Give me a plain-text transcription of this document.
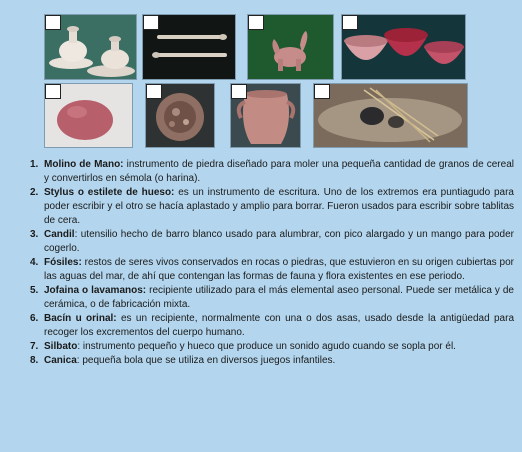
1. Molino de Mano: instrumento de piedra diseñado para moler una pequeña cantidad de granos de cereal y convertirlos en sémola (o harina).
2. Stylus o estilete de hueso: es un instrumento de escritura. Uno de los extremos era puntiagudo para poder escribir y el otro se hacía aplastado y amplio para borrar. Fueron usados para escribir sobre tablitas de cera.
3. Candil: utensilio hecho de barro blanco usado para alumbrar, con pico alargado y un mango para poder cogerlo.
4. Fósiles: restos de seres vivos conservados en rocas o piedras, que estuvieron en su origen cubiertas por las aguas del mar, de ahí que contengan las formas de fauna y flora existentes en ese periodo.
5. Jofaina o lavamanos: recipiente utilizado para el más elemental aseo personal. Puede ser metálica y de cerámica, o de fabricación mixta.
6. Bacín u orinal: es un recipiente, normalmente con una o dos asas, usado desde la antigüedad para recoger los excrementos del cuerpo humano.
7. Silbato: instrumento pequeño y hueco que produce un sonido agudo cuando se sopla por él.
8. Canica: pequeña bola que se utiliza en diversos juegos infantiles.
